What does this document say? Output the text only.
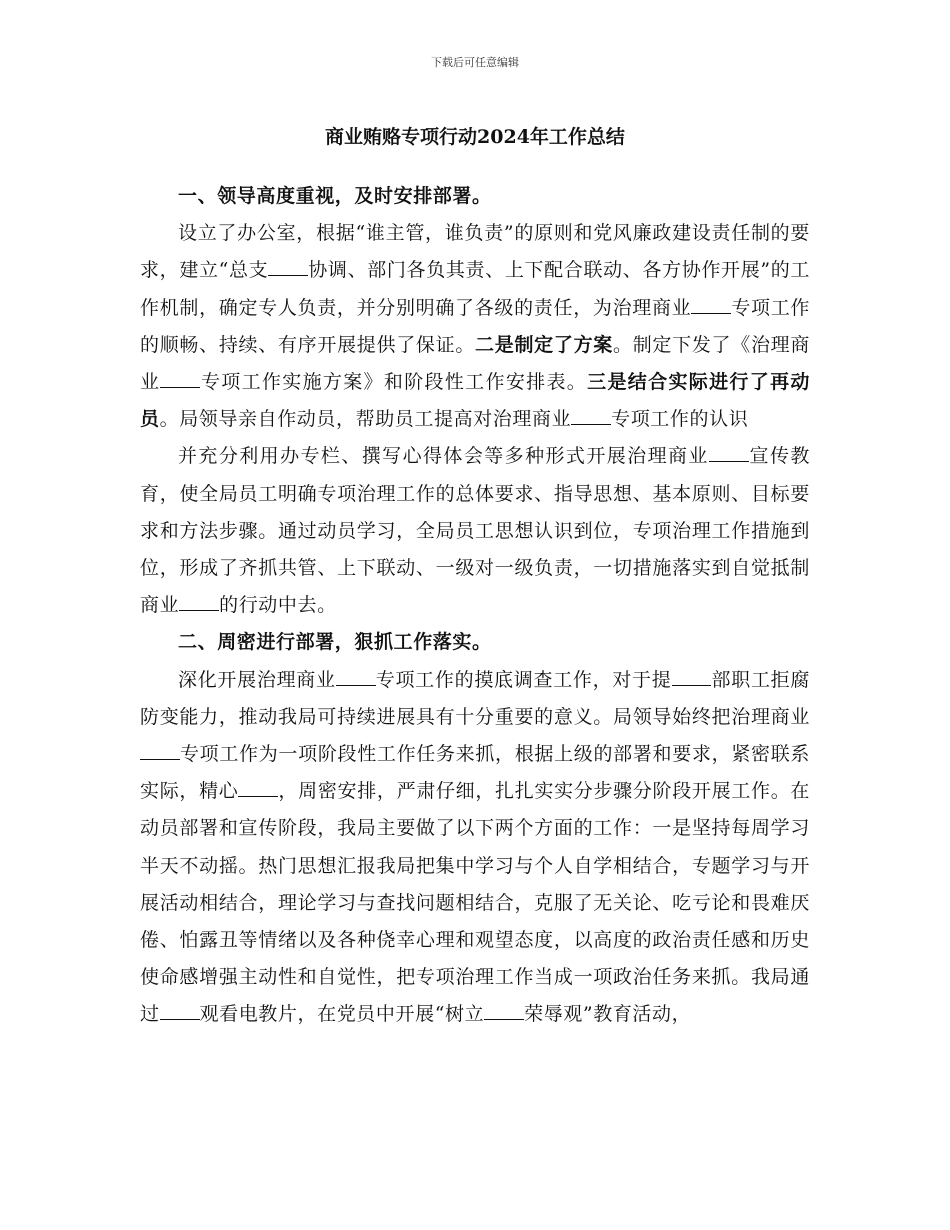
下载后可任意编辑
商业贿赂专项行动2024年工作总结

一、领导高度重视，及时安排部署。

设立了办公室，根据“谁主管，谁负责”的原则和党风廉政建设责任制的要求，建立“总支 协调、部门各负其责、上下配合联动、各方协作开展”的工作机制，确定专人负责，并分别明确了各级的责任，为治理商业 专项工作的顺畅、持续、有序开展提供了保证。二是制定了方案。制定下发了《治理商业 专项工作实施方案》和阶段性工作安排表。三是结合实际进行了再动员。局领导亲自作动员，帮助员工提高对治理商业 专项工作的认识

并充分利用办专栏、撰写心得体会等多种形式开展治理商业 宣传教育，使全局员工明确专项治理工作的总体要求、指导思想、基本原则、目标要求和方法步骤。通过动员学习，全局员工思想认识到位，专项治理工作措施到位，形成了齐抓共管、上下联动、一级对一级负责，一切措施落实到自觉抵制商业 的行动中去。

二、周密进行部署，狠抓工作落实。

深化开展治理商业 专项工作的摸底调查工作，对于提 部职工拒腐防变能力，推动我局可持续进展具有十分重要的意义。局领导始终把治理商业专项工作为一项阶段性工作任务来抓，根据上级的部署和要求，紧密联系实际，精心 ，周密安排，严肃仔细，扎扎实实分步骤分阶段开展工作。在动员部署和宣传阶段，我局主要做了以下两个方面的工作：一是坚持每周学习半天不动摇。热门思想汇报我局把集中学习与个人自学相结合，专题学习与开展活动相结合，理论学习与查找问题相结合，克服了无关论、吃亏论和畏难厌倦、怕露丑等情绪以及各种侥幸心理和观望态度，以高度的政治责任感和历史使命感增强主动性和自觉性，把专项治理工作当成一项政治任务来抓。我局通过 观看电教片，在党员中开展“树立 荣辱观”教育活动，
